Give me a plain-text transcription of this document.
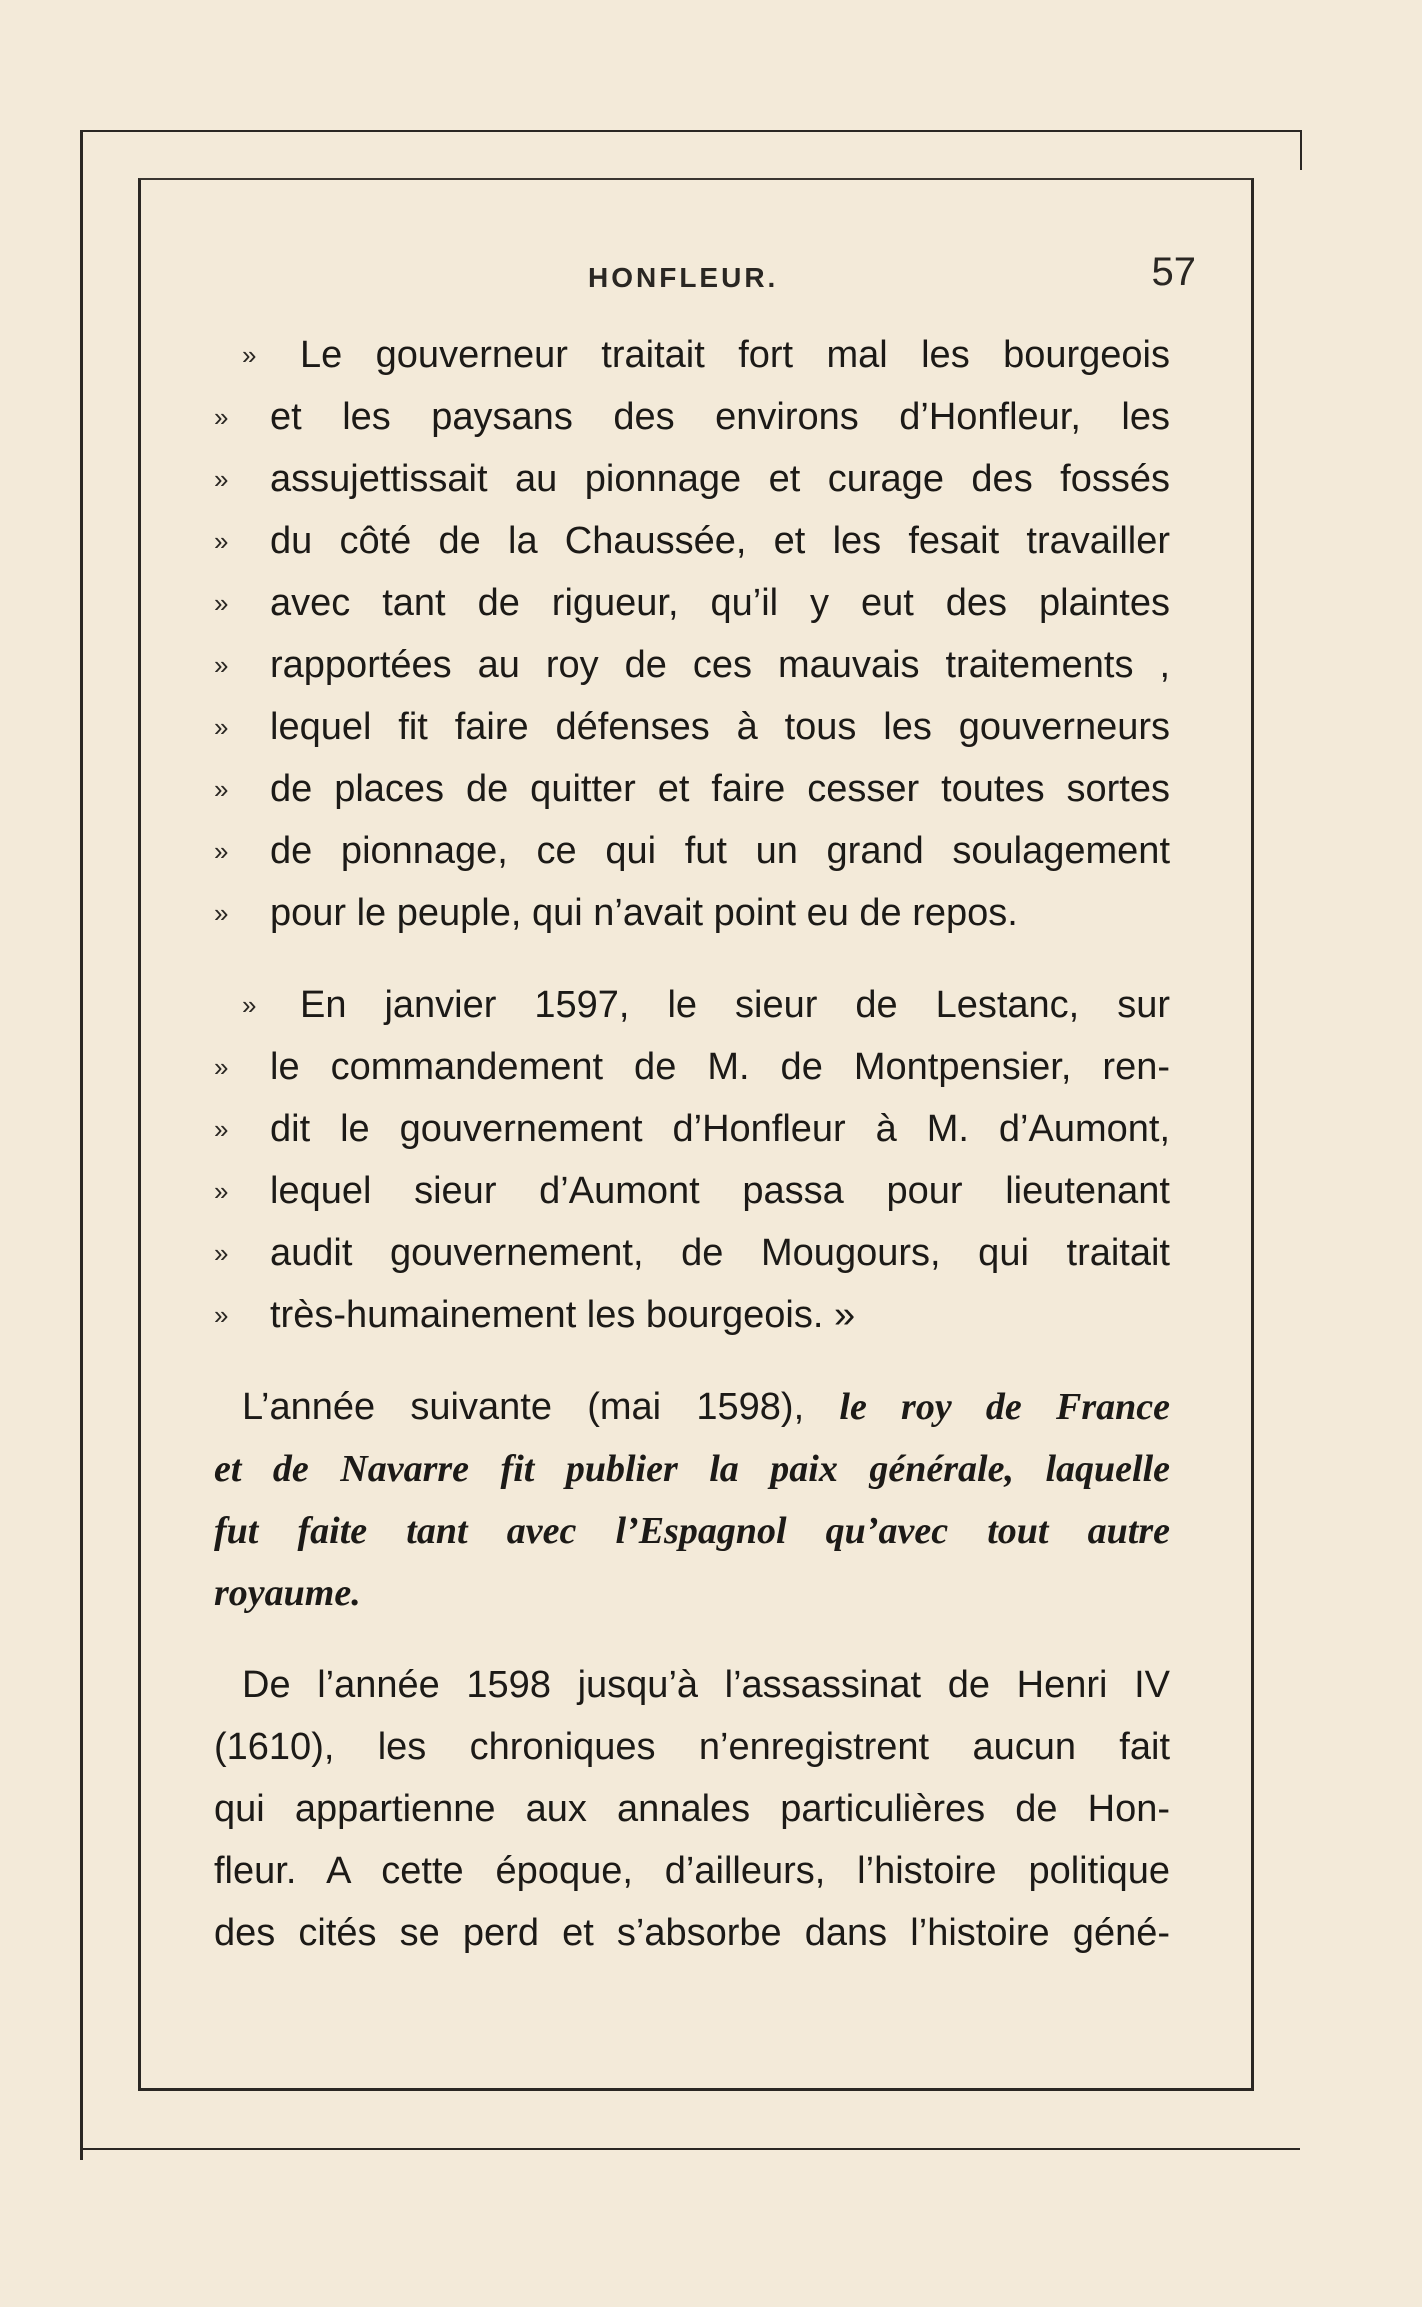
HONFLEUR.	57
»	Le gouverneur traitait fort mal les bourgeois
»	et les paysans des environs d’Honfleur, les
»	assujettissait au pionnage et curage des fossés
»	du côté de la Chaussée, et les fesait travailler
»	avec tant de rigueur, qu’il y eut des plaintes
»	rapportées au roy de ces mauvais traitements ,
»	lequel fit faire défenses à tous les gouverneurs
»	de places de quitter et faire cesser toutes sortes
»	de pionnage, ce qui fut un grand soulagement
»	pour le peuple, qui n’avait point eu de repos.
»	En janvier 1597, le sieur de Lestanc, sur
»	le commandement de M. de Montpensier, ren-
»	dit le gouvernement d’Honfleur à M. d’Aumont,
»	lequel sieur d’Aumont passa pour lieutenant
»	audit gouvernement, de Mougours, qui traitait
»	très-humainement les bourgeois. »
L’année suivante (mai 1598), le roy de France
et de Navarre fit publier la paix générale, laquelle
fut faite tant avec l’Espagnol qu’avec tout autre
royaume.
De l’année 1598 jusqu’à l’assassinat de Henri IV
(1610), les chroniques n’enregistrent aucun fait
qui appartienne aux annales particulières de Hon-
fleur. A cette époque, d’ailleurs, l’histoire politique
des cités se perd et s’absorbe dans l’histoire géné-
